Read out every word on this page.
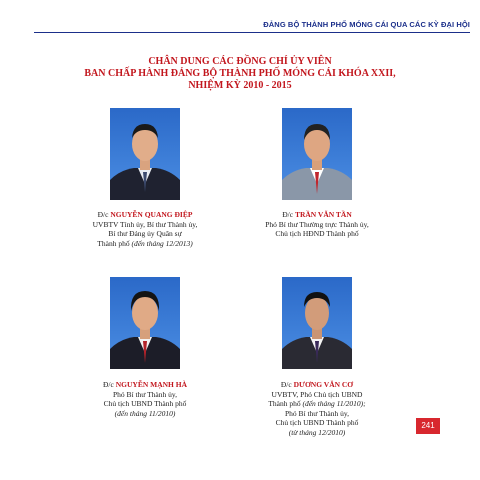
ĐẢNG BỘ THÀNH PHỐ MÓNG CÁI QUA CÁC KỲ ĐẠI HỘI
CHÂN DUNG CÁC ĐỒNG CHÍ ỦY VIÊN
BAN CHẤP HÀNH ĐẢNG BỘ THÀNH PHỐ MÓNG CÁI KHÓA XXII,
NHIỆM KỲ 2010 - 2015
Đ/c NGUYỄN QUANG ĐIỆP
UVBTV Tỉnh ủy, Bí thư Thành ủy,
Bí thư Đảng ủy Quân sự
Thành phố (đến tháng 12/2013)
Đ/c TRẦN VĂN TẦN
Phó Bí thư Thường trực Thành ủy,
Chủ tịch HĐND Thành phố
Đ/c NGUYỄN MẠNH HÀ
Phó Bí thư Thành ủy,
Chủ tịch UBND Thành phố
(đến tháng 11/2010)
Đ/c DƯƠNG VĂN CƠ
UVBTV, Phó Chủ tịch UBND
Thành phố (đến tháng 11/2010);
Phó Bí thư Thành ủy,
Chủ tịch UBND Thành phố
(từ tháng 12/2010)
241
